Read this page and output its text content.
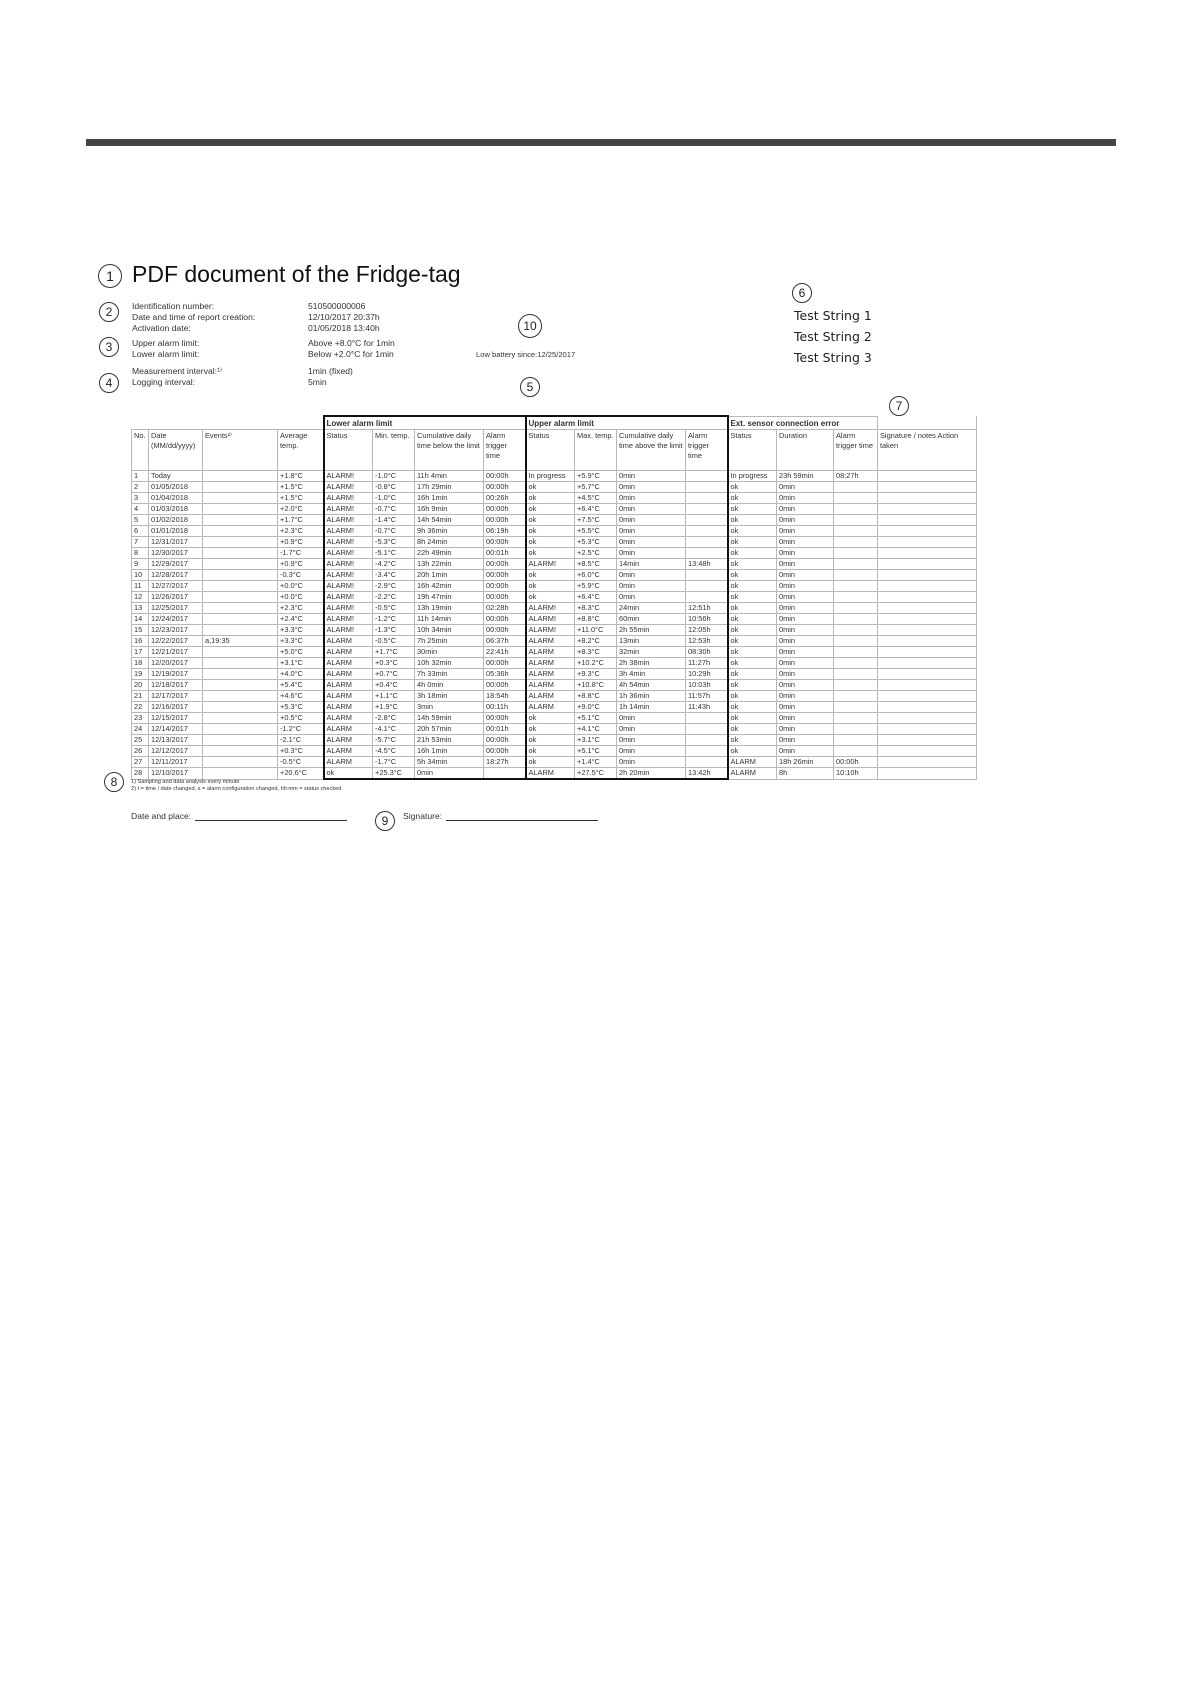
1
2
3
4	5
6
7
8
9
10
PDF document of the Fridge-tag
Identification number:	510500000006
Date and time of report creation:	12/10/2017 20:37h
Activation date:	01/05/2018 13:40h
Upper alarm limit:	Above +8.0°C for 1min
Lower alarm limit:	Below +2.0°C for 1min
Measurement interval:¹⁾	1min (fixed)
Logging interval:	5min
Low battery since:12/25/2017
Test String 1
Test String 2
Test String 3
				Lower alarm limit				Upper alarm limit				Ext. sensor connection error			
No.	Date (MM/dd/yyyy)	Events²⁾	Average temp.	Status	Min. temp.	Cumulative daily time below the limit	Alarm trigger time	Status	Max. temp.	Cumulative daily time above the limit	Alarm trigger time	Status	Duration	Alarm trigger time	Signature / notes Action taken
1	Today		+1.8°C	ALARM!	-1.0°C	11h 4min	00:00h	In progress	+5.9°C	0min		In progress	23h 59min	08:27h	
2	01/05/2018		+1.5°C	ALARM!	-0.8°C	17h 29min	00:00h	ok	+5.7°C	0min		ok	0min		
3	01/04/2018		+1.5°C	ALARM!	-1.0°C	16h 1min	00:26h	ok	+4.5°C	0min		ok	0min		
4	01/03/2018		+2.0°C	ALARM!	-0.7°C	16h 9min	00:00h	ok	+6.4°C	0min		ok	0min		
5	01/02/2018		+1.7°C	ALARM!	-1.4°C	14h 54min	00:00h	ok	+7.5°C	0min		ok	0min		
6	01/01/2018		+2.3°C	ALARM!	-0.7°C	9h 36min	06:19h	ok	+5.5°C	0min		ok	0min		
7	12/31/2017		+0.9°C	ALARM!	-5.3°C	8h 24min	00:00h	ok	+5.3°C	0min		ok	0min		
8	12/30/2017		-1.7°C	ALARM!	-5.1°C	22h 49min	00:01h	ok	+2.5°C	0min		ok	0min		
9	12/29/2017		+0.9°C	ALARM!	-4.2°C	13h 22min	00:00h	ALARM!	+8.5°C	14min	13:48h	ok	0min		
10	12/28/2017		-0.3°C	ALARM!	-3.4°C	20h 1min	00:00h	ok	+6.0°C	0min		ok	0min		
11	12/27/2017		+0.0°C	ALARM!	-2.9°C	16h 42min	00:00h	ok	+5.9°C	0min		ok	0min		
12	12/26/2017		+0.0°C	ALARM!	-2.2°C	19h 47min	00:00h	ok	+6.4°C	0min		ok	0min		
13	12/25/2017		+2.3°C	ALARM!	-0.5°C	13h 19min	02:28h	ALARM!	+8.3°C	24min	12:51h	ok	0min		
14	12/24/2017		+2.4°C	ALARM!	-1.2°C	11h 14min	00:00h	ALARM!	+8.8°C	60min	10:56h	ok	0min		
15	12/23/2017		+3.3°C	ALARM!	-1.3°C	10h 34min	00:00h	ALARM!	+11.0°C	2h 55min	12:05h	ok	0min		
16	12/22/2017	a,19:35	+3.3°C	ALARM	-0.5°C	7h 25min	06:37h	ALARM	+8.2°C	13min	12:53h	ok	0min		
17	12/21/2017		+5.0°C	ALARM	+1.7°C	30min	22:41h	ALARM	+8.3°C	32min	08:30h	ok	0min		
18	12/20/2017		+3.1°C	ALARM	+0.3°C	10h 32min	00:00h	ALARM	+10.2°C	2h 38min	11:27h	ok	0min		
19	12/19/2017		+4.0°C	ALARM	+0.7°C	7h 33min	05:36h	ALARM	+9.3°C	3h 4min	10:29h	ok	0min		
20	12/18/2017		+5.4°C	ALARM	+0.4°C	4h 0min	00:00h	ALARM	+10.8°C	4h 54min	10:03h	ok	0min		
21	12/17/2017		+4.6°C	ALARM	+1.1°C	3h 18min	18:54h	ALARM	+8.8°C	1h 36min	11:57h	ok	0min		
22	12/16/2017		+5.3°C	ALARM	+1.9°C	3min	00:11h	ALARM	+9.0°C	1h 14min	11:43h	ok	0min		
23	12/15/2017		+0.5°C	ALARM	-2.8°C	14h 59min	00:00h	ok	+5.1°C	0min		ok	0min		
24	12/14/2017		-1.2°C	ALARM	-4.1°C	20h 57min	00:01h	ok	+4.1°C	0min		ok	0min		
25	12/13/2017		-2.1°C	ALARM	-5.7°C	21h 53min	00:00h	ok	+3.1°C	0min		ok	0min		
26	12/12/2017		+0.3°C	ALARM	-4.5°C	16h 1min	00:00h	ok	+5.1°C	0min		ok	0min		
27	12/11/2017		-0.5°C	ALARM	-1.7°C	5h 34min	18:27h	ok	+1.4°C	0min		ALARM	18h 26min	00:00h	
28	12/10/2017		+20.6°C	ok	+25.3°C	0min		ALARM	+27.5°C	2h 20min	13:42h	ALARM	8h	10:10h	
1) Sampling and data analysis every minute
2) t = time / date changed, s = alarm configuration changed, hh:mm = status checked
Date and place:	Signature:
